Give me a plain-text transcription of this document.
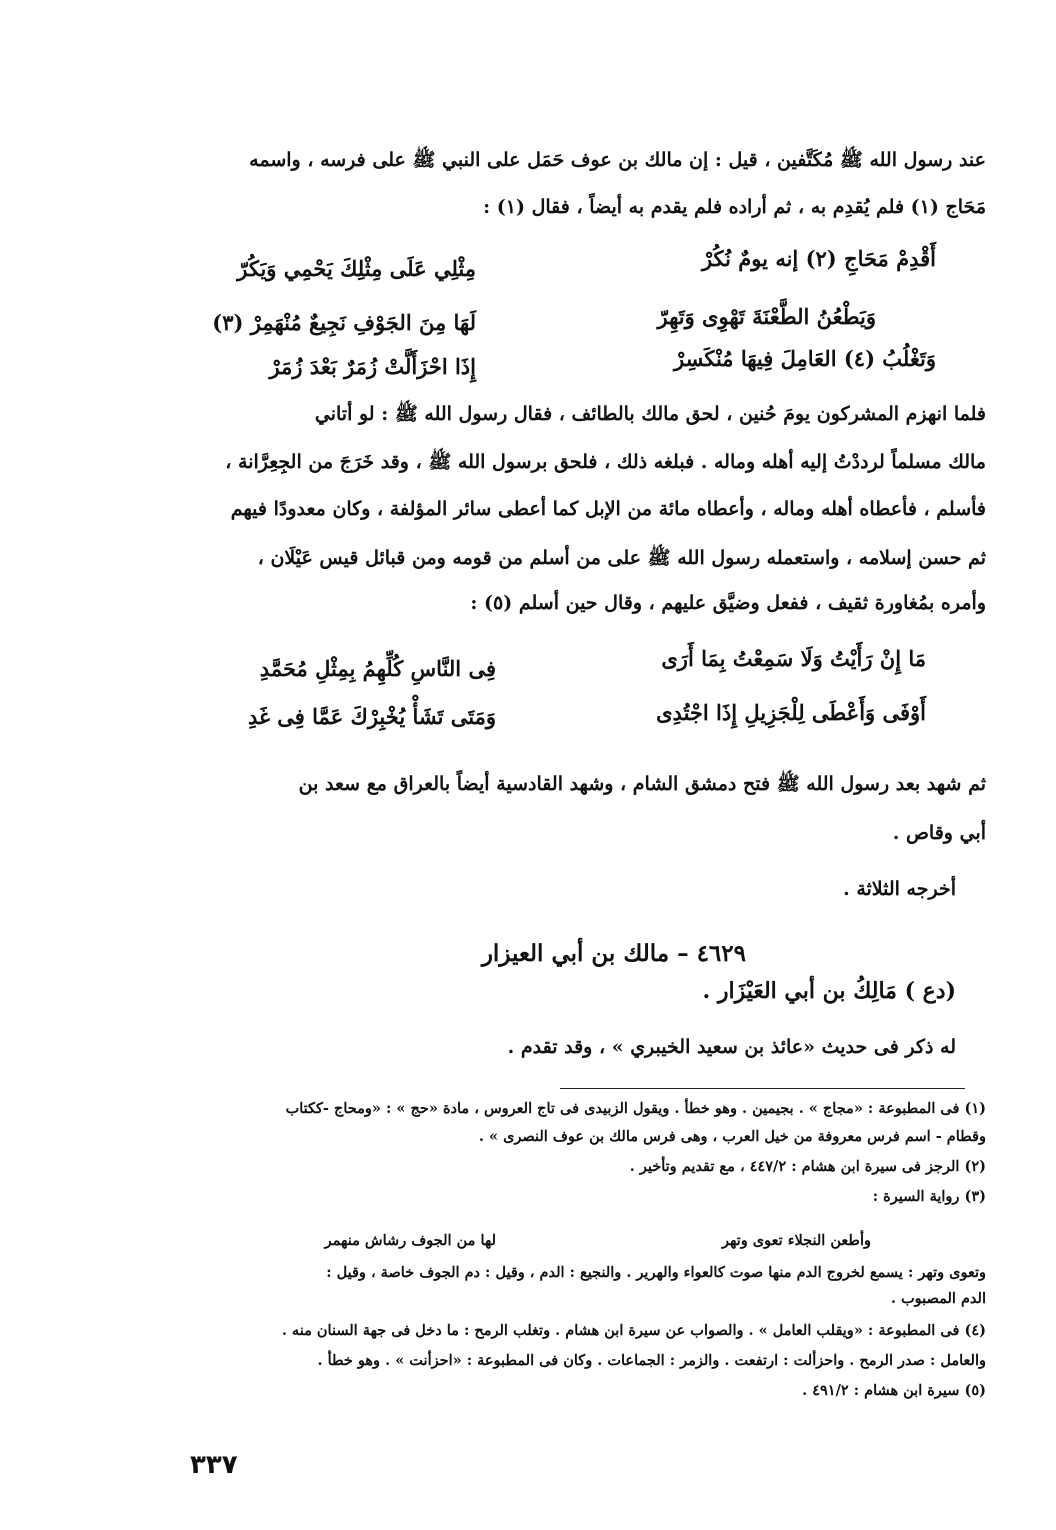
عند رسول الله ﷺ مُكَتَّفين ، قيل : إن مالك بن عوف حَمَل على النبي ﷺ على فرسه ، واسمه
مَحَاج (١) فلم يُقدِم به ، ثم أراده فلم يقدم به أيضاً ، فقال (١) :
أَقْدِمْ مَحَاجِ (٢) إنه يومٌ نُكُرْ
مِثْلِي عَلَى مِثْلِكَ يَحْمِي وَيَكُرّ
وَيَطْعُنُ الطَّعْنَةَ تَهْوِى وَتَهِرّ
لَهَا مِنَ الجَوْفِ نَجِيعٌ مُنْهَمِرْ (٣)
وَتَغْلُبُ (٤) العَامِلَ فِيهَا مُنْكَسِرْ
إِذَا احْزَأَلَّتْ زُمَرٌ بَعْدَ زُمَرْ
فلما انهزم المشركون يومَ حُنين ، لحق مالك بالطائف ، فقال رسول الله ﷺ : لو أتاني
مالك مسلماً لرددْتُ إليه أهله وماله . فبلغه ذلك ، فلحق برسول الله ﷺ ، وقد خَرَجَ من الجِعِرَّانة ،
فأسلم ، فأعطاه أهله وماله ، وأعطاه مائة من الإبل كما أعطى سائر المؤلفة ، وكان معدودًا فيهم
ثم حسن إسلامه ، واستعمله رسول الله ﷺ على من أسلم من قومه ومن قبائل قيس عَيْلَان ،
وأمره بمُغاورة ثقيف ، ففعل وضيَّق عليهم ، وقال حين أسلم (٥) :
مَا إِنْ رَأَيْتُ وَلَا سَمِعْتُ بِمَا أَرَى
فِى النَّاسِ كُلِّهِمُ بِمِثْلِ مُحَمَّدِ
أَوْفَى وَأَعْطَى لِلْجَزِيلِ إِذَا اجْتُدِى
وَمَتَى تَشَأْ يُخْبِرْكَ عَمَّا فِى غَدِ
ثم شهد بعد رسول الله ﷺ فتح دمشق الشام ، وشهد القادسية أيضاً بالعراق مع سعد بن
أبي وقاص .
أخرجه الثلاثة .
٤٦٢٩ – مالك بن أبي العيزار
(دع ) مَالِكُ بن أبي العَيْزَار .
له ذكر فى حديث «عائذ بن سعيد الخيبري » ، وقد تقدم .
(١) فى المطبوعة : «مجاج » . بجيمين . وهو خطأ . ويقول الزبيدى فى تاج العروس ، مادة «حج » : «ومحاج -ككتاب
وقطام - اسم فرس معروفة من خيل العرب ، وهى فرس مالك بن عوف النصرى » .
(٢) الرجز فى سيرة ابن هشام : ٤٤٧/٢ ، مع تقديم وتأخير .
(٣) رواية السيرة :
وأطعن النجلاء تعوى وتهر
لها من الجوف رشاش منهمر
وتعوى وتهر : يسمع لخروج الدم منها صوت كالعواء والهرير . والنجيع : الدم ، وقيل : دم الجوف خاصة ، وقيل :
الدم المصبوب .
(٤) فى المطبوعة : «ويقلب العامل » . والصواب عن سيرة ابن هشام . وتغلب الرمح : ما دخل فى جهة السنان منه .
والعامل : صدر الرمح . واحزألت : ارتفعت . والزمر : الجماعات . وكان فى المطبوعة : «احزأنت » . وهو خطأ .
(٥) سيرة ابن هشام : ٤٩١/٢ .
٣٣٧
